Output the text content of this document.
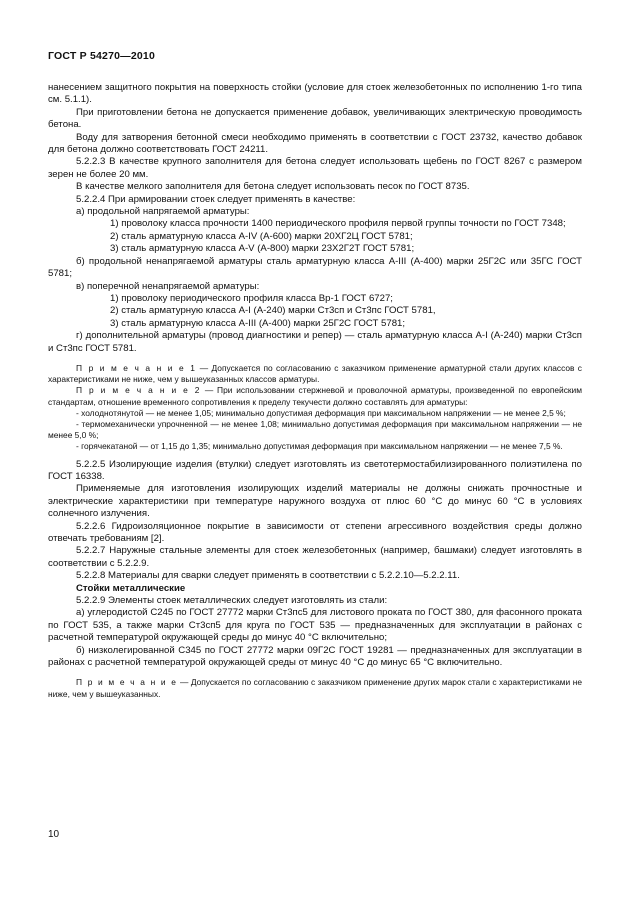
ГОСТ Р 54270—2010

нанесением защитного покрытия на поверхность стойки (условие для стоек железобетонных по исполнению 1-го типа см. 5.1.1).

При приготовлении бетона не допускается применение добавок, увеличивающих электрическую проводимость бетона.

Воду для затворения бетонной смеси необходимо применять в соответствии с ГОСТ 23732, качество добавок для бетона должно соответствовать ГОСТ 24211.

5.2.2.3 В качестве крупного заполнителя для бетона следует использовать щебень по ГОСТ 8267 с размером зерен не более 20 мм.

В качестве мелкого заполнителя для бетона следует использовать песок по ГОСТ 8735.

5.2.2.4 При армировании стоек следует применять в качестве:

а) продольной напрягаемой арматуры:

1) проволоку класса прочности 1400 периодического профиля первой группы точности по ГОСТ 7348;

2) сталь арматурную класса А-IV (А-600) марки 20ХГ2Ц ГОСТ 5781;

3) сталь арматурную класса А-V (А-800) марки 23Х2Г2Т ГОСТ 5781;

б) продольной ненапрягаемой арматуры сталь арматурную класса А-III (А-400) марки 25Г2С или 35ГС ГОСТ 5781;

в) поперечной ненапрягаемой арматуры:

1) проволоку периодического профиля класса Вр-1 ГОСТ 6727;

2) сталь арматурную класса А-I (А-240) марки Ст3сп и Ст3пс ГОСТ 5781,

3) сталь арматурную класса А-III (А-400) марки 25Г2С ГОСТ 5781;

г) дополнительной арматуры (провод диагностики и репер) — сталь арматурную класса А-I (А-240) марки Ст3сп и Ст3пс ГОСТ 5781.

П р и м е ч а н и е 1 — Допускается по согласованию с заказчиком применение арматурной стали других классов с характеристиками не ниже, чем у вышеуказанных классов арматуры.

П р и м е ч а н и е 2 — При использовании стержневой и проволочной арматуры, произведенной по европейским стандартам, отношение временного сопротивления к пределу текучести должно составлять для арматуры:

- холоднотянутой — не менее 1,05; минимально допустимая деформация при максимальном напряжении — не менее 2,5 %;

- термомеханически упрочненной — не менее 1,08; минимально допустимая деформация при максимальном напряжении — не менее 5,0 %;

- горячекатаной — от 1,15 до 1,35; минимально допустимая деформация при максимальном напряжении — не менее 7,5 %.

5.2.2.5 Изолирующие изделия (втулки) следует изготовлять из светотермостабилизированного полиэтилена по ГОСТ 16338.

Применяемые для изготовления изолирующих изделий материалы не должны снижать прочностные и электрические характеристики при температуре наружного воздуха от плюс 60 °С до минус 60 °С в условиях солнечного излучения.

5.2.2.6 Гидроизоляционное покрытие в зависимости от степени агрессивного воздействия среды должно отвечать требованиям [2].

5.2.2.7 Наружные стальные элементы для стоек железобетонных (например, башмаки) следует изготовлять в соответствии с 5.2.2.9.

5.2.2.8 Материалы для сварки следует применять в соответствии с 5.2.2.10—5.2.2.11.

Стойки металлические

5.2.2.9 Элементы стоек металлических следует изготовлять из стали:

а) углеродистой С245 по ГОСТ 27772 марки Ст3пс5 для листового проката по ГОСТ 380, для фасонного проката по ГОСТ 535, а также марки Ст3сп5 для круга по ГОСТ 535 — предназначенных для эксплуатации в районах с расчетной температурой окружающей среды до минус 40 °С включительно;

б) низколегированной С345 по ГОСТ 27772 марки 09Г2С ГОСТ 19281 — предназначенных для эксплуатации в районах с расчетной температурой окружающей среды от минус 40 °С до минус 65 °С включительно.

П р и м е ч а н и е — Допускается по согласованию с заказчиком применение других марок стали с характеристиками не ниже, чем у вышеуказанных.

10
